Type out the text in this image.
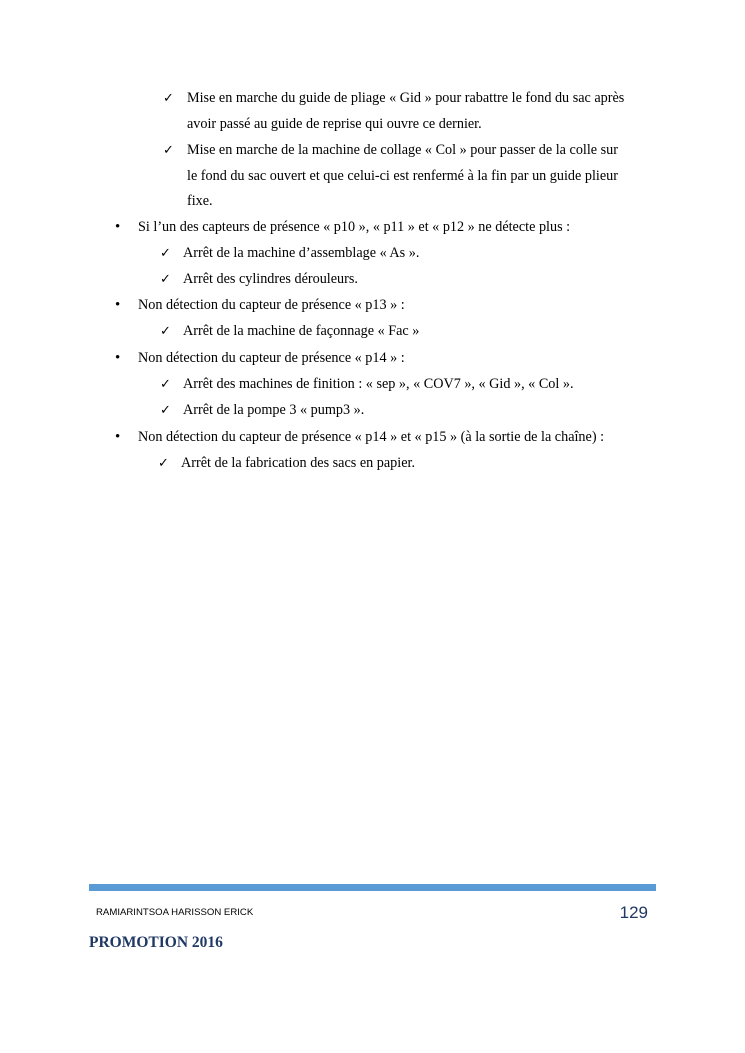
✓ Mise en marche du guide de pliage « Gid » pour rabattre le fond du sac après
avoir passé au guide de reprise qui ouvre ce dernier.
✓ Mise en marche de la machine de collage « Col » pour passer de la colle sur
le fond du sac ouvert et que celui-ci est renfermé à la fin par un guide plieur
fixe.
• Si l’un des capteurs de présence « p10 », « p11 » et « p12 » ne détecte plus :
✓ Arrêt de la machine d’assemblage « As ».
✓ Arrêt des cylindres dérouleurs.
• Non détection du capteur de présence « p13 » :
✓ Arrêt de la machine de façonnage « Fac »
• Non détection du capteur de présence « p14 » :
✓ Arrêt des machines de finition : « sep », « COV7 », « Gid », « Col ».
✓ Arrêt de la pompe 3 « pump3 ».
• Non détection du capteur de présence « p14 » et « p15 » (à la sortie de la chaîne) :
✓ Arrêt de la fabrication des sacs en papier.
RAMIARINTSOA HARISSON ERICK	129
PROMOTION 2016
